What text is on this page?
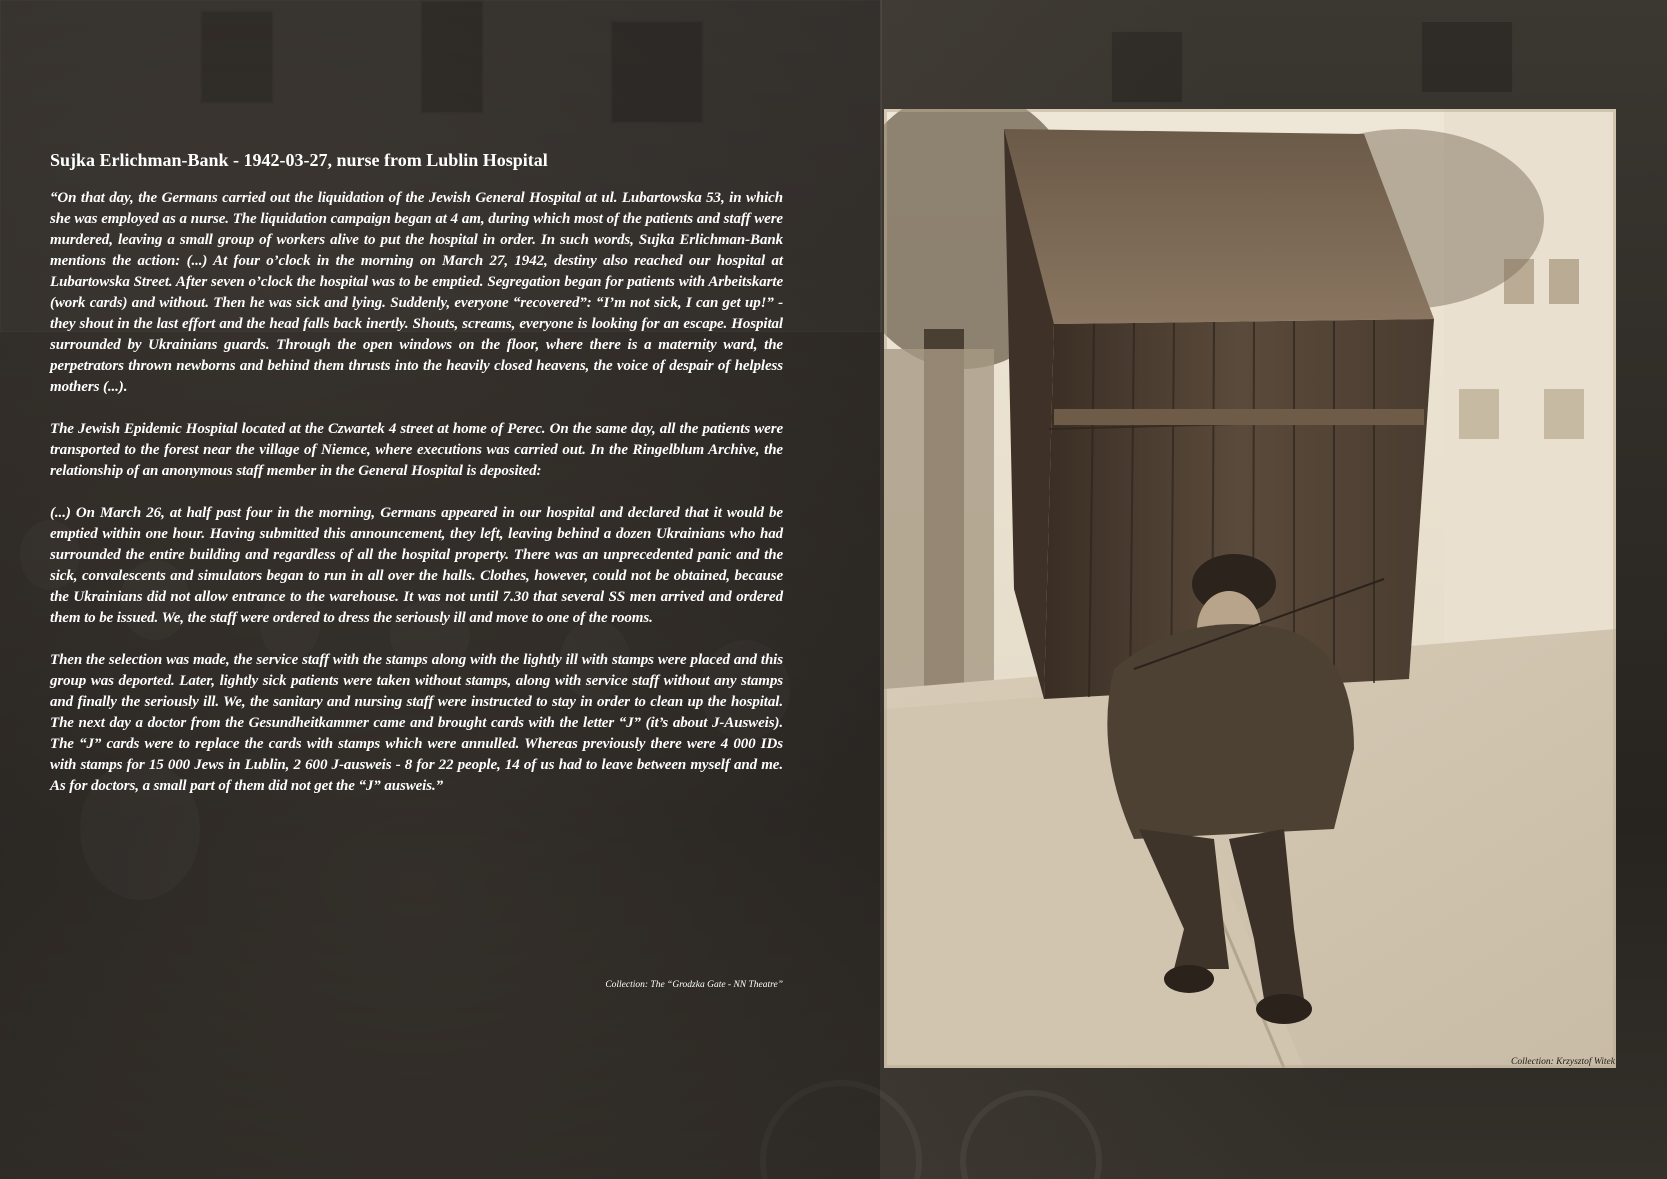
Sujka Erlichman-Bank - 1942-03-27, nurse from Lublin Hospital

“On that day, the Germans carried out the liquidation of the Jewish General Hospital at ul. Lubartowska 53, in which she was employed as a nurse. The liquidation campaign began at 4 am, during which most of the patients and staff were murdered, leaving a small group of workers alive to put the hospital in order. In such words, Sujka Erlichman-Bank mentions the action: (...) At four o’clock in the morning on March 27, 1942, destiny also reached our hospital at Lubartowska Street. After seven o’clock the hospital was to be emptied. Segregation began for patients with Arbeitskarte (work cards) and without. Then he was sick and lying. Suddenly, everyone “recovered”: “I’m not sick, I can get up!” - they shout in the last effort and the head falls back inertly. Shouts, screams, everyone is looking for an escape. Hospital surrounded by Ukrainians guards. Through the open windows on the floor, where there is a maternity ward, the perpetrators thrown newborns and behind them thrusts into the heavily closed heavens, the voice of despair of helpless mothers (...).

The Jewish Epidemic Hospital located at the Czwartek 4 street at home of Perec. On the same day, all the patients were transported to the forest near the village of Niemce, where executions was carried out. In the Ringelblum Archive, the relationship of an anonymous staff member in the General Hospital is deposited:

(...) On March 26, at half past four in the morning, Germans appeared in our hospital and declared that it would be emptied within one hour. Having submitted this announcement, they left, leaving behind a dozen Ukrainians who had surrounded the entire building and regardless of all the hospital property. There was an unprecedented panic and the sick, convalescents and simulators began to run in all over the halls. Clothes, however, could not be obtained, because the Ukrainians did not allow entrance to the warehouse. It was not until 7.30 that several SS men arrived and ordered them to be issued. We, the staff were ordered to dress the seriously ill and move to one of the rooms.

Then the selection was made, the service staff with the stamps along with the lightly ill with stamps were placed and this group was deported. Later, lightly sick patients were taken without stamps, along with service staff without any stamps and finally the seriously ill. We, the sanitary and nursing staff were instructed to stay in order to clean up the hospital. The next day a doctor from the Gesundheitkammer came and brought cards with the letter “J” (it’s about J-Ausweis). The “J” cards were to replace the cards with stamps which were annulled. Whereas previously there were 4 000 IDs with stamps for 15 000 Jews in Lublin, 2 600 J-ausweis - 8 for 22 people, 14 of us had to leave between myself and me. As for doctors, a small part of them did not get the “J” ausweis.”

Collection: The “Grodzka Gate - NN Theatre”
Collection: Krzysztof Witek
